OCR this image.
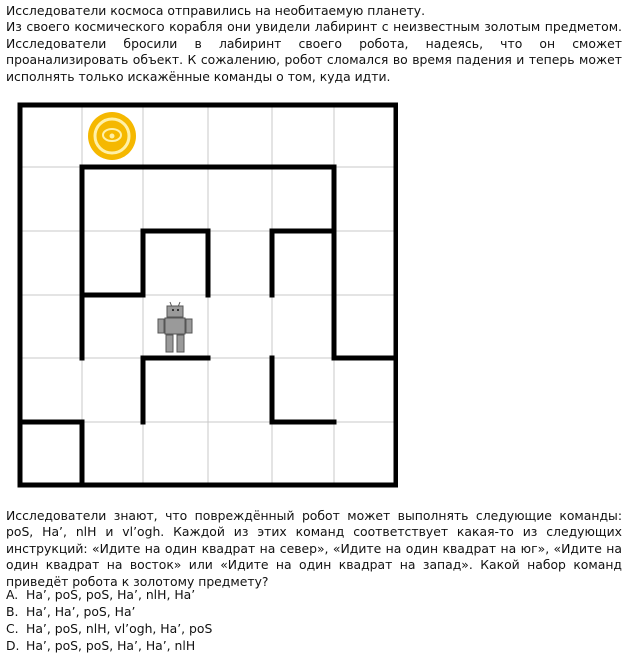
Исследователи космоса отправились на необитаемую планету.

Из своего космического корабля они увидели лабиринт с неизвестным золотым предметом. Исследователи бросили в лабиринт своего робота, надеясь, что он сможет проанализировать объект. К сожалению, робот сломался во время падения и теперь может исполнять только искажённые команды о том, куда идти.

Исследователи знают, что повреждённый робот может выполнять следующие команды: poS, Ha’, nlH и vl’ogh. Каждой из этих команд соответствует какая-то из следующих инструкций: «Идите на один квадрат на север», «Идите на один квадрат на юг», «Идите на один квадрат на восток» или «Идите на один квадрат на запад». Какой набор команд приведёт робота к золотому предмету?

A. Ha’, poS, poS, Ha’, nlH, Ha’
B. Ha’, Ha’, poS, Ha’
C. Ha’, poS, nlH, vl’ogh, Ha’, poS
D. Ha’, poS, poS, Ha’, Ha’, nlH
